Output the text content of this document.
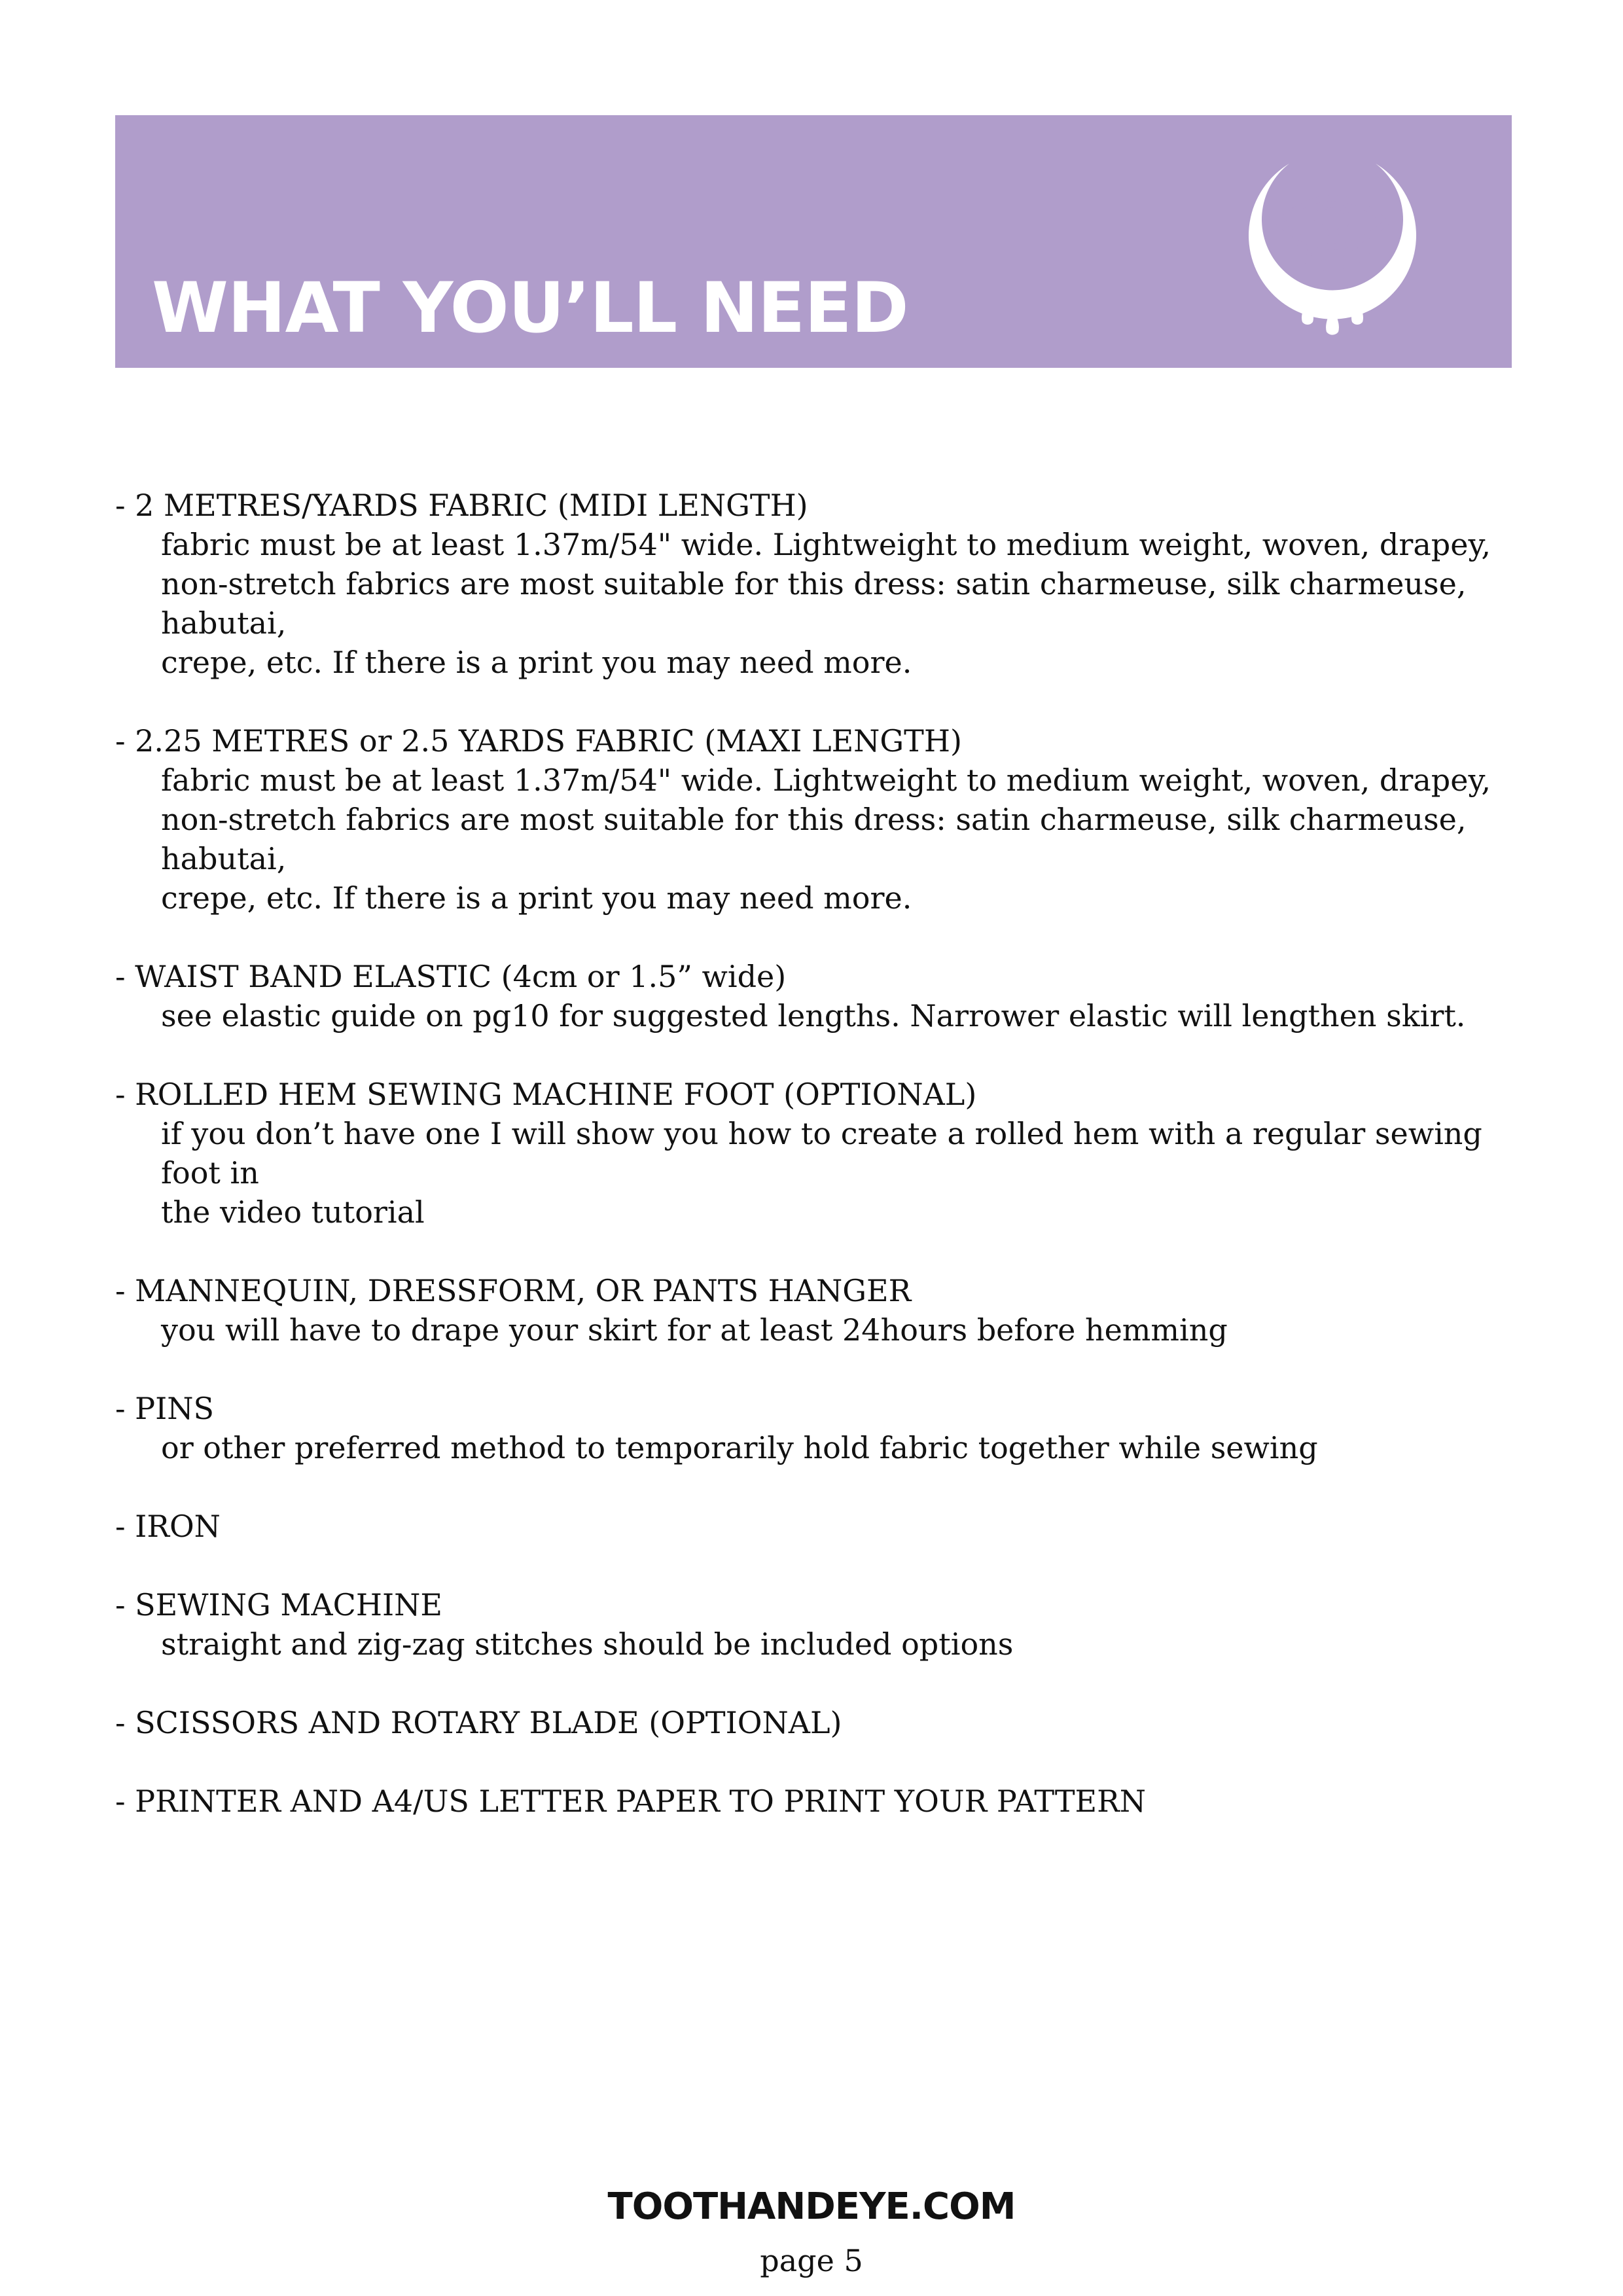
WHAT YOU’LL NEED

- 2 METRES/YARDS FABRIC (MIDI LENGTH)

fabric must be at least 1.37m/54" wide. Lightweight to medium weight, woven, drapey,

non-stretch fabrics are most suitable for this dress: satin charmeuse, silk charmeuse, habutai,

crepe, etc. If there is a print you may need more.

- 2.25 METRES or 2.5 YARDS FABRIC (MAXI LENGTH)

fabric must be at least 1.37m/54" wide. Lightweight to medium weight, woven, drapey,

non-stretch fabrics are most suitable for this dress: satin charmeuse, silk charmeuse, habutai,

crepe, etc. If there is a print you may need more.

- WAIST BAND ELASTIC (4cm or 1.5” wide)

see elastic guide on pg10 for suggested lengths. Narrower elastic will lengthen skirt.

- ROLLED HEM SEWING MACHINE FOOT (OPTIONAL)

if you don’t have one I will show you how to create a rolled hem with a regular sewing foot in

the video tutorial

- MANNEQUIN, DRESSFORM, OR PANTS HANGER

you will have to drape your skirt for at least 24hours before hemming

- PINS

or other preferred method to temporarily hold fabric together while sewing

- IRON

- SEWING MACHINE

straight and zig-zag stitches should be included options

- SCISSORS AND ROTARY BLADE (OPTIONAL)

- PRINTER AND A4/US LETTER PAPER TO PRINT YOUR PATTERN

TOOTHANDEYE.COM
page 5
